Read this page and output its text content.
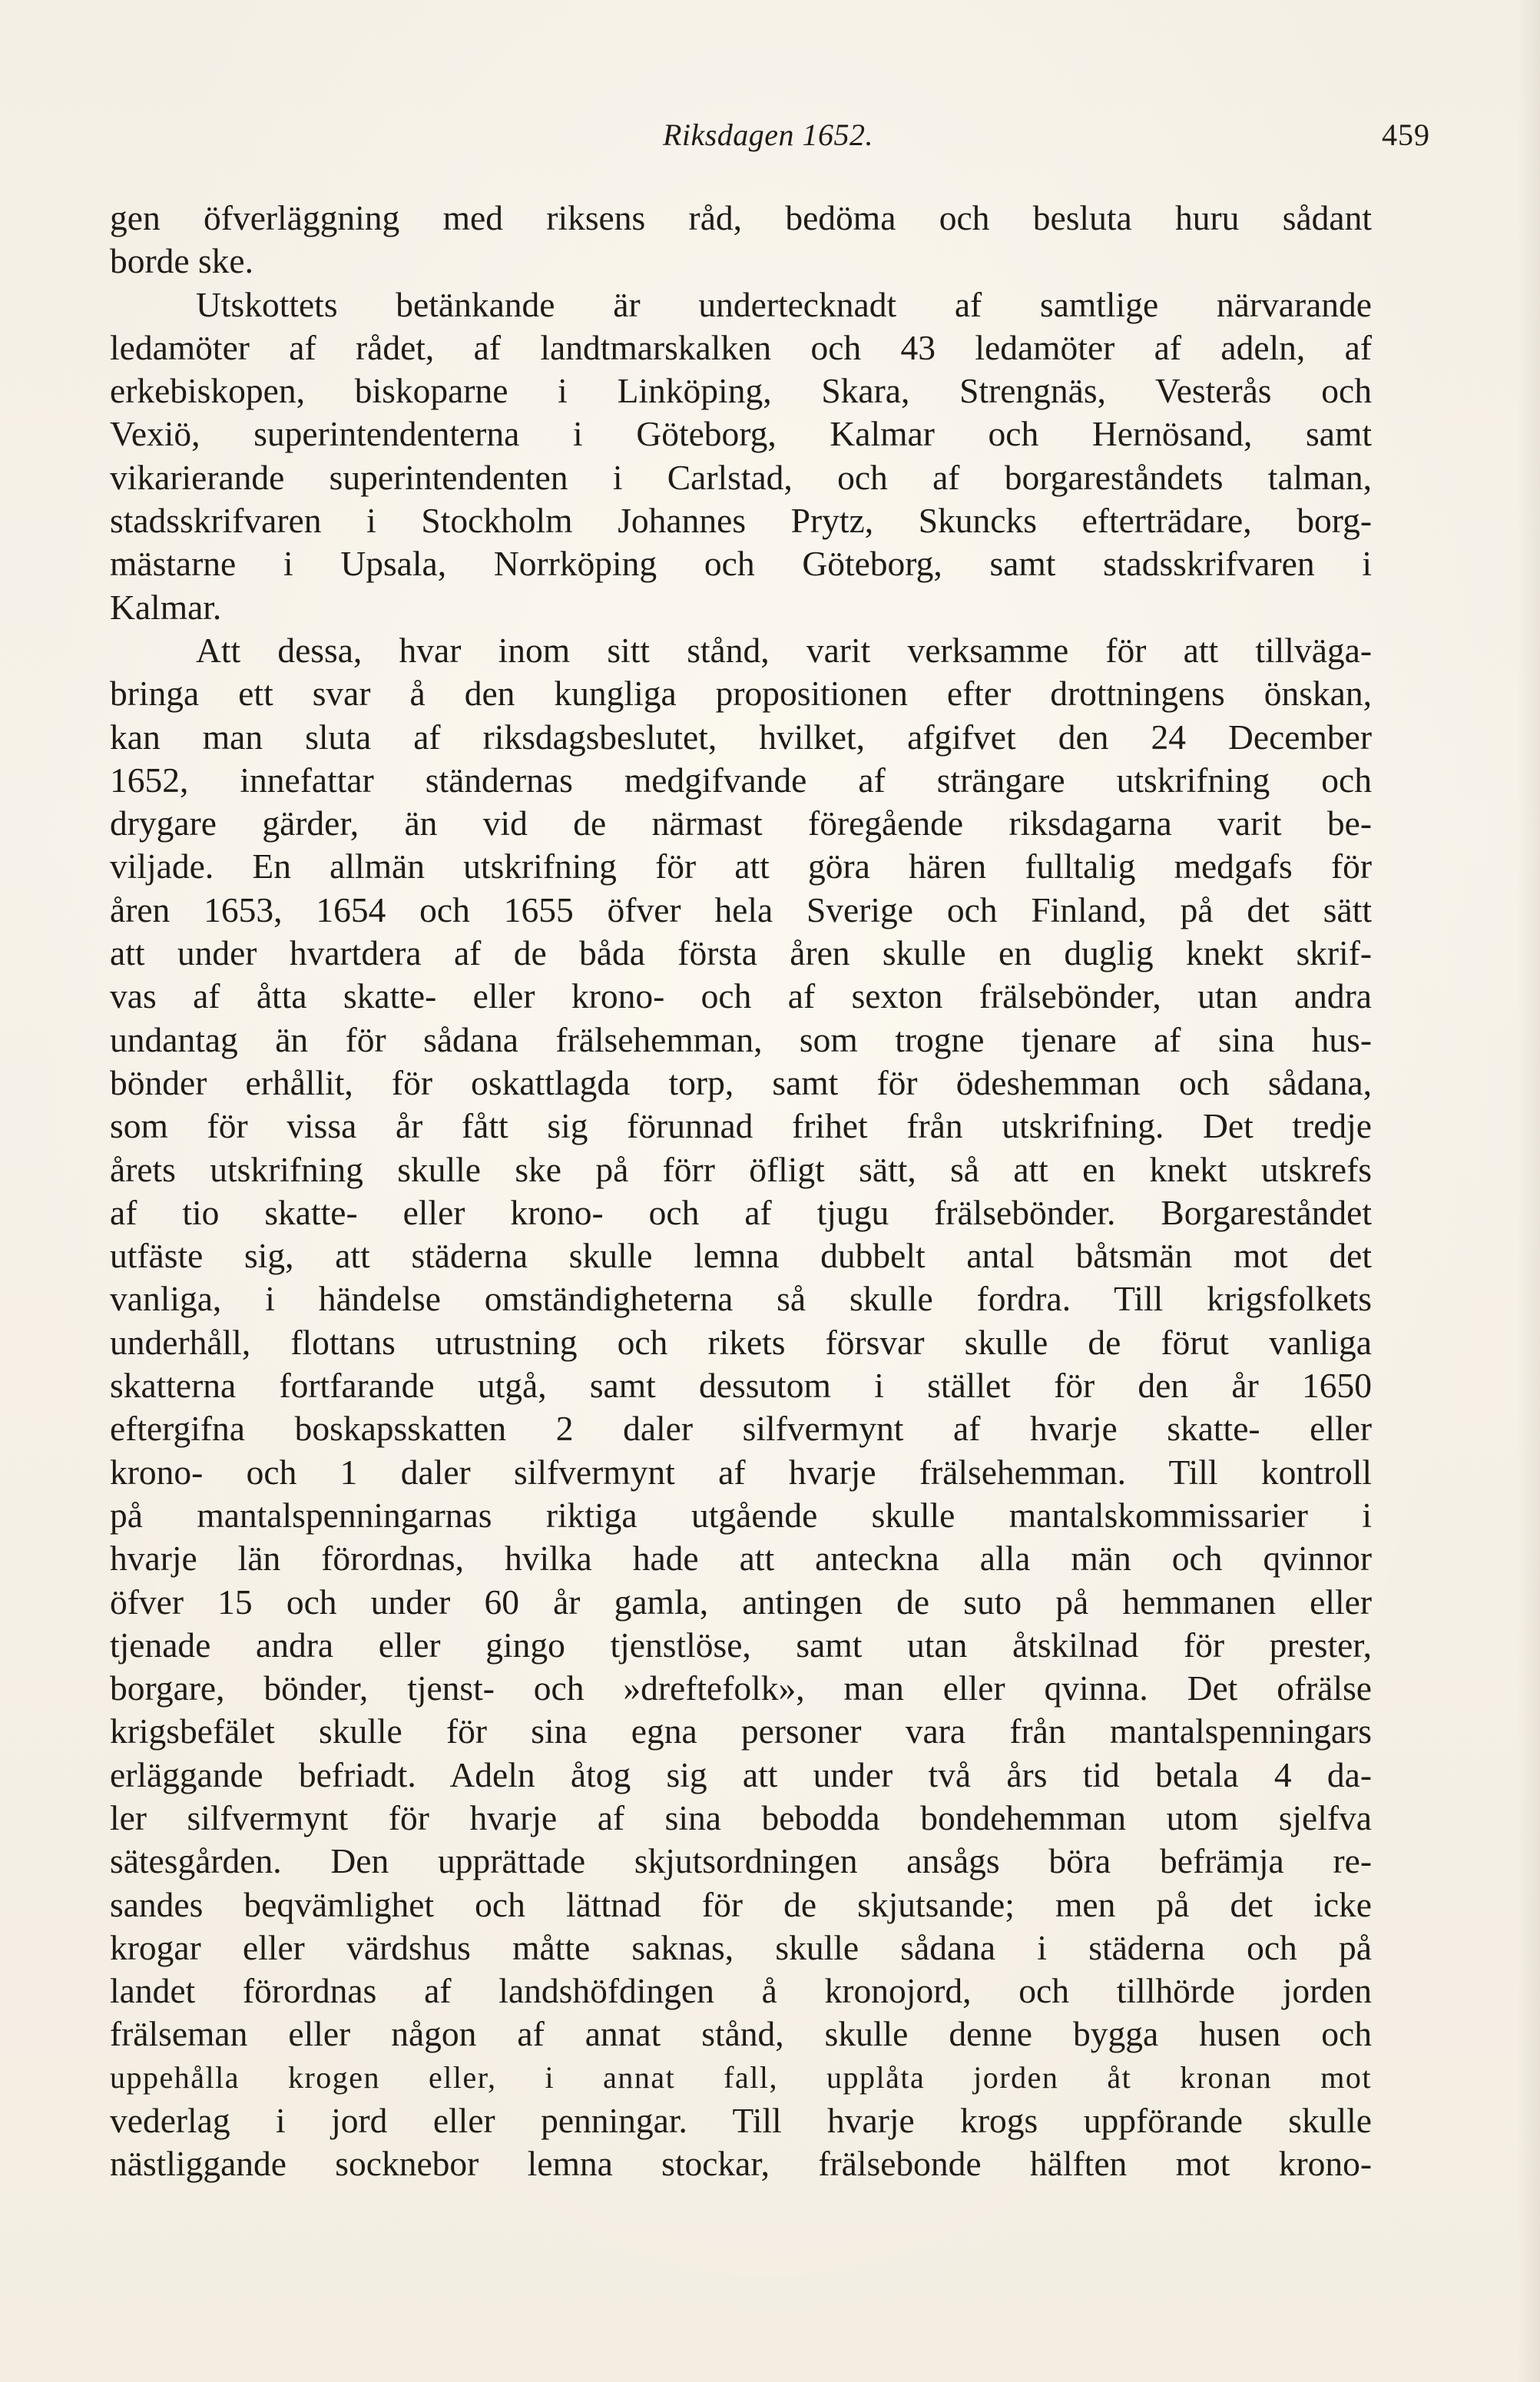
Riksdagen 1652.	459
gen öfverläggning med riksens råd, bedöma och besluta huru sådant
borde ske.
Utskottets betänkande är undertecknadt af samtlige närvarande
ledamöter af rådet, af landtmarskalken och 43 ledamöter af adeln, af
erkebiskopen, biskoparne i Linköping, Skara, Strengnäs, Vesterås och
Vexiö, superintendenterna i Göteborg, Kalmar och Hernösand, samt
vikarierande superintendenten i Carlstad, och af borgareståndets talman,
stadsskrifvaren i Stockholm Johannes Prytz, Skuncks efterträdare, borg-
mästarne i Upsala, Norrköping och Göteborg, samt stadsskrifvaren i
Kalmar.
Att dessa, hvar inom sitt stånd, varit verksamme för att tillväga-
bringa ett svar å den kungliga propositionen efter drottningens önskan,
kan man sluta af riksdagsbeslutet, hvilket, afgifvet den 24 December
1652, innefattar ständernas medgifvande af strängare utskrifning och
drygare gärder, än vid de närmast föregående riksdagarna varit be-
viljade. En allmän utskrifning för att göra hären fulltalig medgafs för
åren 1653, 1654 och 1655 öfver hela Sverige och Finland, på det sätt
att under hvartdera af de båda första åren skulle en duglig knekt skrif-
vas af åtta skatte- eller krono- och af sexton frälsebönder, utan andra
undantag än för sådana frälsehemman, som trogne tjenare af sina hus-
bönder erhållit, för oskattlagda torp, samt för ödeshemman och sådana,
som för vissa år fått sig förunnad frihet från utskrifning. Det tredje
årets utskrifning skulle ske på förr öfligt sätt, så att en knekt utskrefs
af tio skatte- eller krono- och af tjugu frälsebönder. Borgareståndet
utfäste sig, att städerna skulle lemna dubbelt antal båtsmän mot det
vanliga, i händelse omständigheterna så skulle fordra. Till krigsfolkets
underhåll, flottans utrustning och rikets försvar skulle de förut vanliga
skatterna fortfarande utgå, samt dessutom i stället för den år 1650
eftergifna boskapsskatten 2 daler silfvermynt af hvarje skatte- eller
krono- och 1 daler silfvermynt af hvarje frälsehemman. Till kontroll
på mantalspenningarnas riktiga utgående skulle mantalskommissarier i
hvarje län förordnas, hvilka hade att anteckna alla män och qvinnor
öfver 15 och under 60 år gamla, antingen de suto på hemmanen eller
tjenade andra eller gingo tjenstlöse, samt utan åtskilnad för prester,
borgare, bönder, tjenst- och »dreftefolk», man eller qvinna. Det ofrälse
krigsbefälet skulle för sina egna personer vara från mantalspenningars
erläggande befriadt. Adeln åtog sig att under två års tid betala 4 da-
ler silfvermynt för hvarje af sina bebodda bondehemman utom sjelfva
sätesgården. Den upprättade skjutsordningen ansågs böra befrämja re-
sandes beqvämlighet och lättnad för de skjutsande; men på det icke
krogar eller värdshus måtte saknas, skulle sådana i städerna och på
landet förordnas af landshöfdingen å kronojord, och tillhörde jorden
frälseman eller någon af annat stånd, skulle denne bygga husen och
uppehålla krogen eller, i annat fall, upplåta jorden åt kronan mot
vederlag i jord eller penningar. Till hvarje krogs uppförande skulle
nästliggande socknebor lemna stockar, frälsebonde hälften mot krono-
